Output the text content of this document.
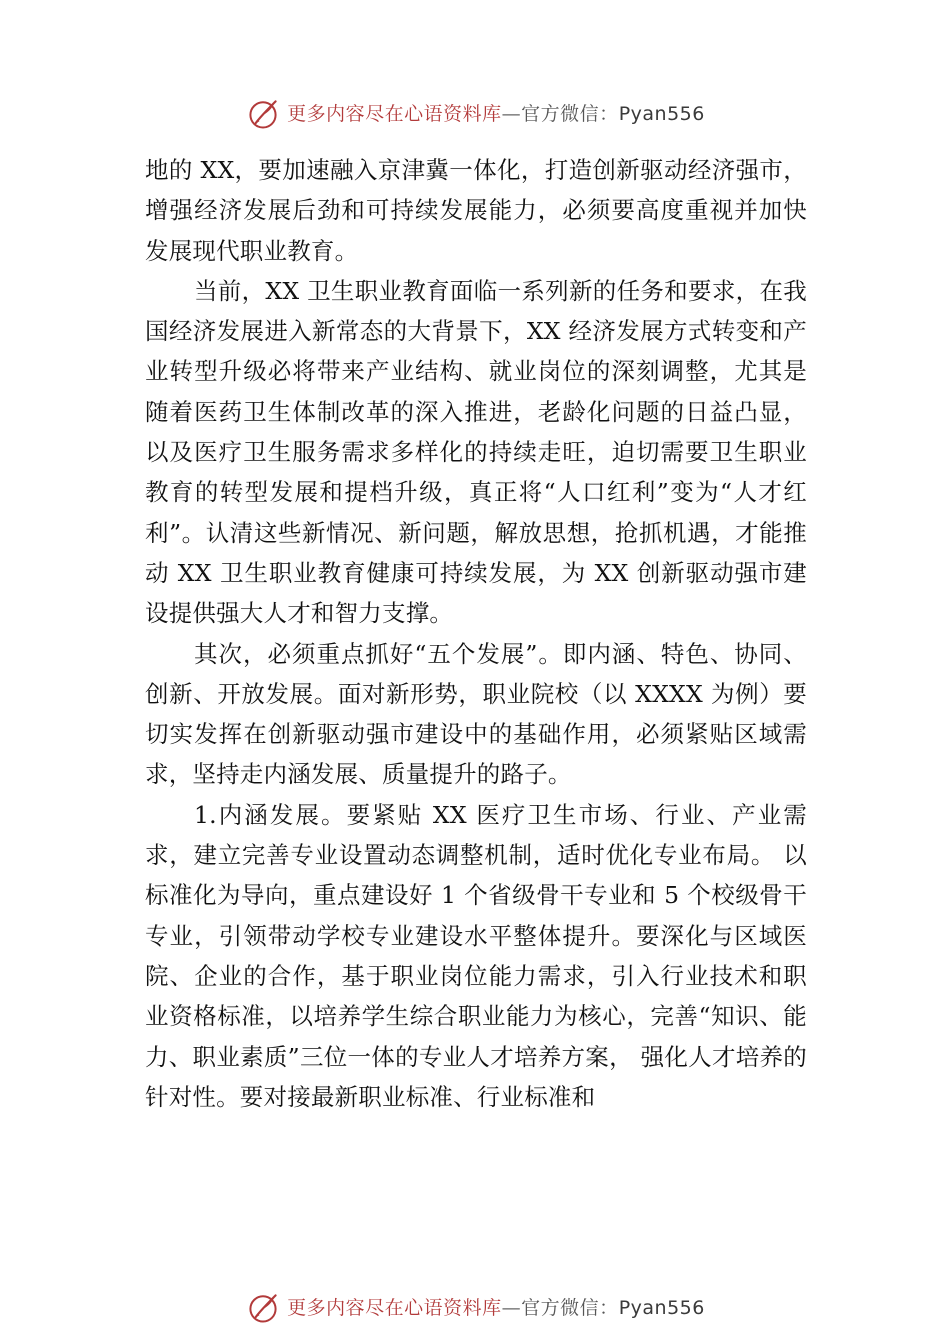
更多内容尽在心语资料库—官方微信：Pyan556

地的 XX，要加速融入京津冀一体化，打造创新驱动经济强市，增强经济发展后劲和可持续发展能力，必须要高度重视并加快发展现代职业教育。

当前，XX 卫生职业教育面临一系列新的任务和要求，在我国经济发展进入新常态的大背景下，XX 经济发展方式转变和产业转型升级必将带来产业结构、就业岗位的深刻调整，尤其是随着医药卫生体制改革的深入推进，老龄化问题的日益凸显，以及医疗卫生服务需求多样化的持续走旺，迫切需要卫生职业教育的转型发展和提档升级，真正将“人口红利”变为“人才红利”。认清这些新情况、新问题，解放思想，抢抓机遇，才能推动 XX 卫生职业教育健康可持续发展，为 XX 创新驱动强市建设提供强大人才和智力支撑。

其次，必须重点抓好“五个发展”。即内涵、特色、协同、创新、开放发展。面对新形势，职业院校（以 XXXX 为例）要切实发挥在创新驱动强市建设中的基础作用，必须紧贴区域需求，坚持走内涵发展、质量提升的路子。

1.内涵发展。要紧贴 XX 医疗卫生市场、行业、产业需求，建立完善专业设置动态调整机制，适时优化专业布局。 以标准化为导向，重点建设好 1 个省级骨干专业和 5 个校级骨干专业，引领带动学校专业建设水平整体提升。要深化与区域医院、企业的合作，基于职业岗位能力需求，引入行业技术和职业资格标准，以培养学生综合职业能力为核心，完善“知识、能力、职业素质”三位一体的专业人才培养方案， 强化人才培养的针对性。要对接最新职业标准、行业标准和

更多内容尽在心语资料库—官方微信：Pyan556
